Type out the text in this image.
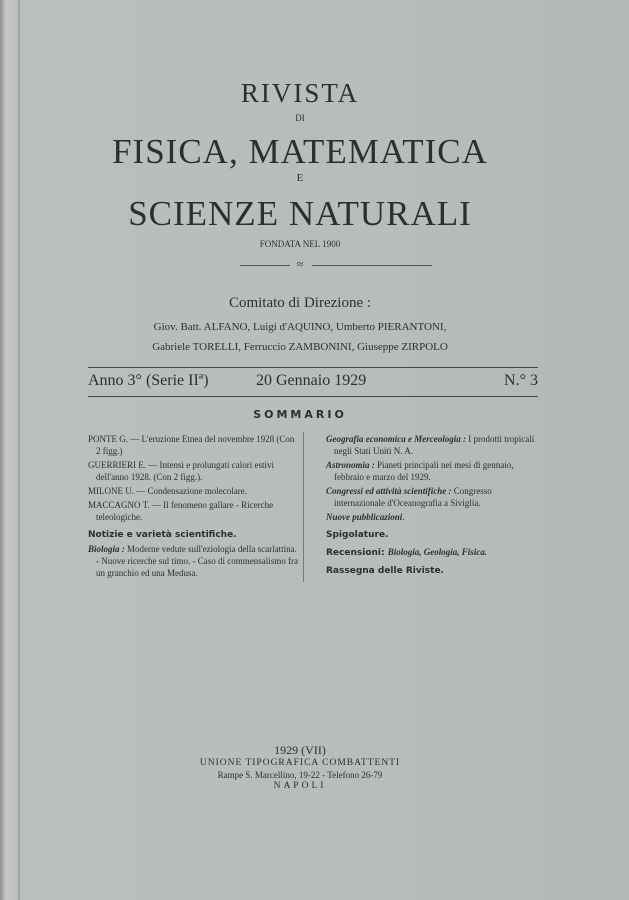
RIVISTA
DI
FISICA, MATEMATICA
E
SCIENZE NATURALI
FONDATA NEL 1900
≈
Comitato di Direzione :
Giov. Batt. ALFANO, Luigi d'AQUINO, Umberto PIERANTONI,
Gabriele TORELLI, Ferruccio ZAMBONINI, Giuseppe ZIRPOLO
Anno 3° (Serie IIª)	20 Gennaio 1929	N.° 3
SOMMARIO

PONTE G. — L'eruzione Etnea del novembre 1928 (Con 2 figg.)

GUERRIERI E. — Intensi e prolungati calori estivi dell'anno 1928. (Con 2 figg.).

MILONE U. — Condensazione molecolare.

MACCAGNO T. — Il fenomeno gallare - Ricerche teleologiche.

Notizie e varietà scientifiche.

Biologia : Moderne vedute sull'eziologia della scarlattina. - Nuove ricerche sul timo. - Caso di commensalismo fra un granchio ed una Medusa.

Geografia economica e Merceologia : I prodotti tropicali negli Stati Uniti N. A.

Astronomia : Pianeti principali nei mesi di gennaio, febbraio e marzo del 1929.

Congressi ed attività scientifiche : Congresso internazionale d'Oceanografia a Siviglia.

Nuove pubblicazioni.

Spigolature.

Recensioni: Biologia, Geologia, Fisica.

Rassegna delle Riviste.

1929 (VII)
UNIONE TIPOGRAFICA COMBATTENTI
Rampe S. Marcellino, 19-22 - Telefono 26-79
NAPOLI
